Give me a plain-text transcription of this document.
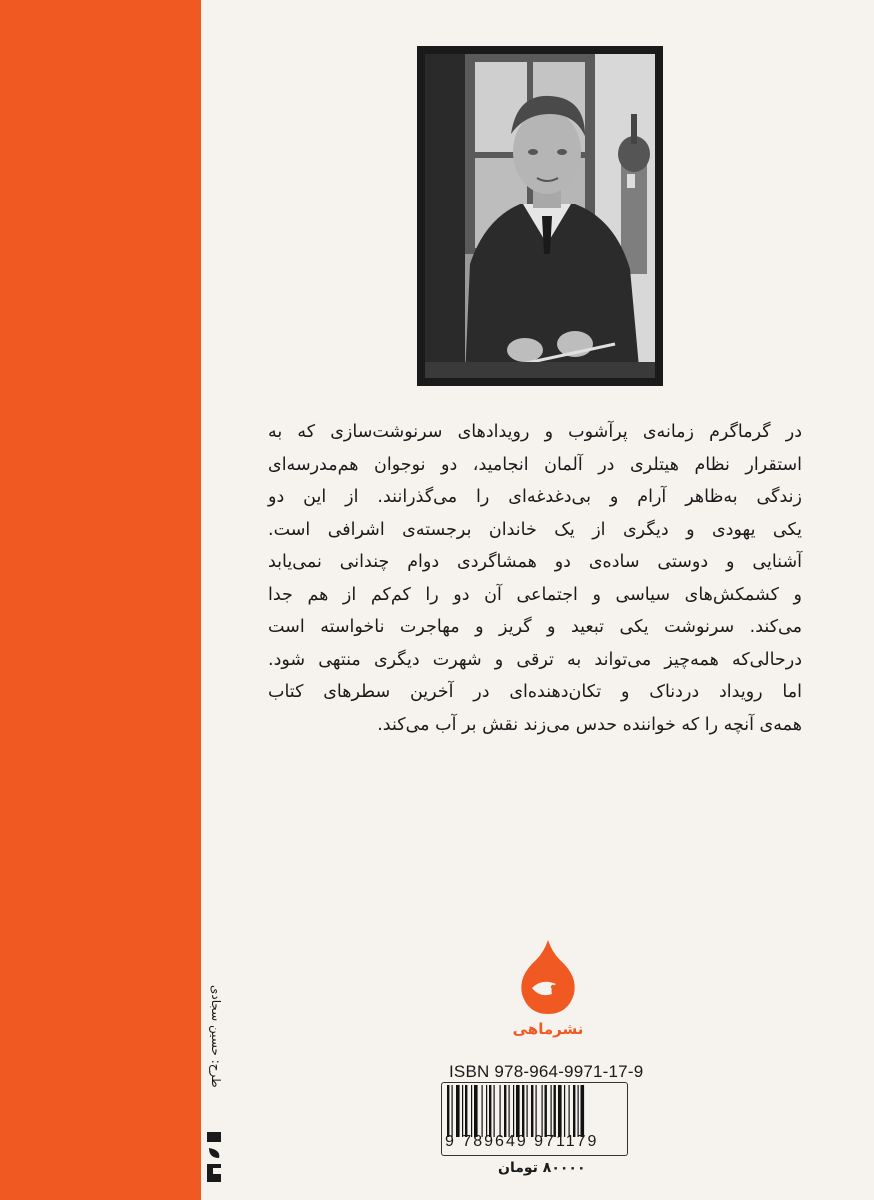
در گرماگرم زمانه‌ی پرآشوب و رویدادهای سرنوشت‌سازی که به
استقرار نظام هیتلری در آلمان انجامید، دو نوجوان هم‌مدرسه‌ای
زندگی به‌ظاهر آرام و بی‌دغدغه‌ای را می‌گذرانند. از این دو
یکی یهودی و دیگری از یک خاندان برجسته‌ی اشرافی است.
آشنایی و دوستی ساده‌ی دو همشاگردی دوام چندانی نمی‌یابد
و کشمکش‌های سیاسی و اجتماعی آن دو را کم‌کم از هم جدا
می‌کند. سرنوشت یکی تبعید و گریز و مهاجرت ناخواسته است
درحالی‌که همه‌چیز می‌تواند به ترقی و شهرت دیگری منتهی شود.
اما رویداد دردناک و تکان‌دهنده‌ای در آخرین سطرهای کتاب
همه‌ی آنچه را که خواننده حدس می‌زند نقش بر آب می‌کند.
نشرماهی
ISBN 978-964-9971-17-9
9 789649 971179
۸۰۰۰۰ تومان
طرح: حسین سجادی
